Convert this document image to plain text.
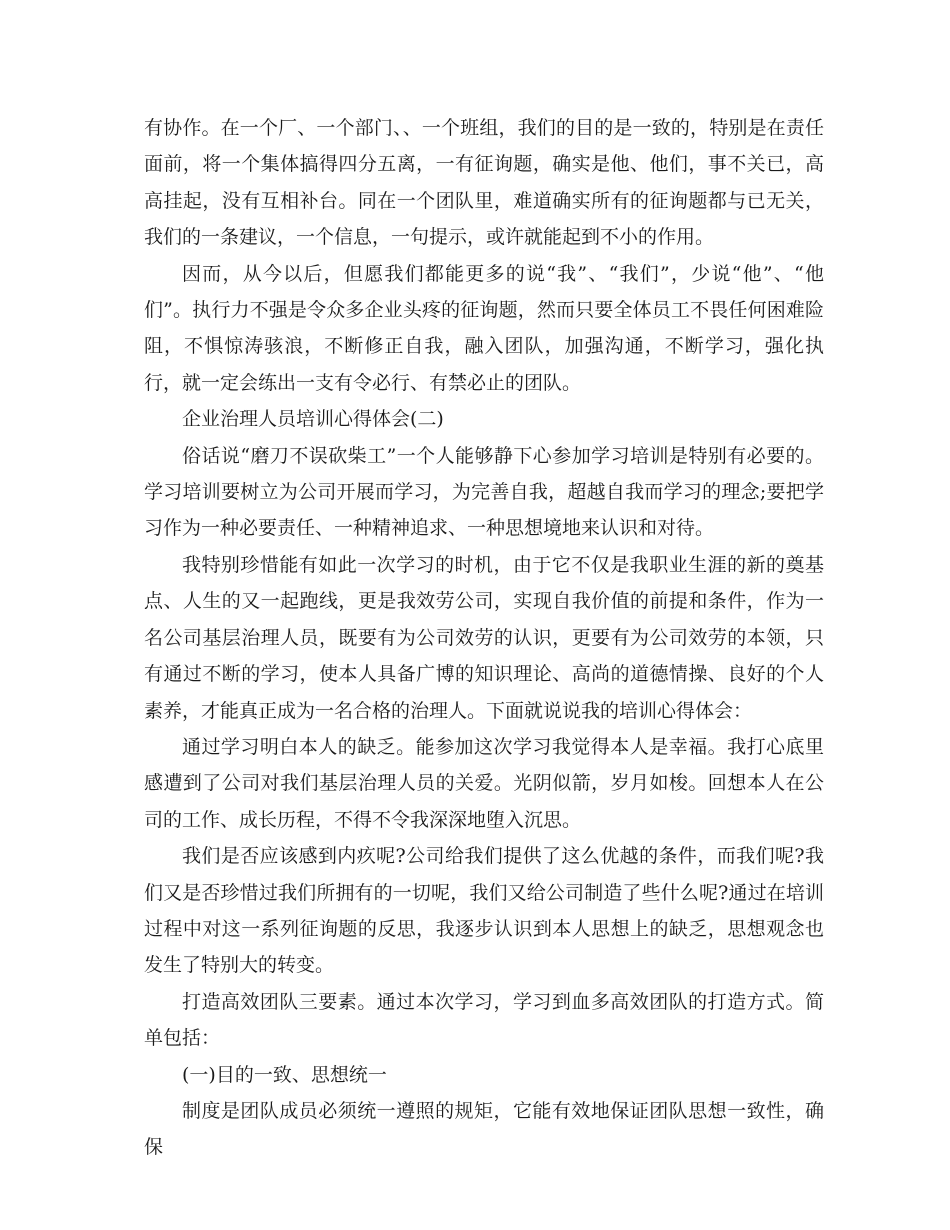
有协作。在一个厂、一个部门、、一个班组，我们的目的是一致的，特别是在责任面前，将一个集体搞得四分五离，一有征询题，确实是他、他们，事不关已，高高挂起，没有互相补台。同在一个团队里，难道确实所有的征询题都与已无关，我们的一条建议，一个信息，一句提示，或许就能起到不小的作用。

因而，从今以后，但愿我们都能更多的说“我”、“我们”，少说“他”、“他们”。执行力不强是令众多企业头疼的征询题，然而只要全体员工不畏任何困难险阻，不惧惊涛骇浪，不断修正自我，融入团队，加强沟通，不断学习，强化执行，就一定会练出一支有令必行、有禁必止的团队。

企业治理人员培训心得体会(二)

俗话说“磨刀不误砍柴工”一个人能够静下心参加学习培训是特别有必要的。学习培训要树立为公司开展而学习，为完善自我，超越自我而学习的理念;要把学习作为一种必要责任、一种精神追求、一种思想境地来认识和对待。

我特别珍惜能有如此一次学习的时机，由于它不仅是我职业生涯的新的奠基点、人生的又一起跑线，更是我效劳公司，实现自我价值的前提和条件，作为一名公司基层治理人员，既要有为公司效劳的认识，更要有为公司效劳的本领，只有通过不断的学习，使本人具备广博的知识理论、高尚的道德情操、良好的个人素养，才能真正成为一名合格的治理人。下面就说说我的培训心得体会：

通过学习明白本人的缺乏。能参加这次学习我觉得本人是幸福。我打心底里感遭到了公司对我们基层治理人员的关爱。光阴似箭，岁月如梭。回想本人在公司的工作、成长历程，不得不令我深深地堕入沉思。

我们是否应该感到内疚呢?公司给我们提供了这么优越的条件，而我们呢?我们又是否珍惜过我们所拥有的一切呢，我们又给公司制造了些什么呢?通过在培训过程中对这一系列征询题的反思，我逐步认识到本人思想上的缺乏，思想观念也发生了特别大的转变。

打造高效团队三要素。通过本次学习，学习到血多高效团队的打造方式。简单包括：

(一)目的一致、思想统一

制度是团队成员必须统一遵照的规矩，它能有效地保证团队思想一致性，确保
